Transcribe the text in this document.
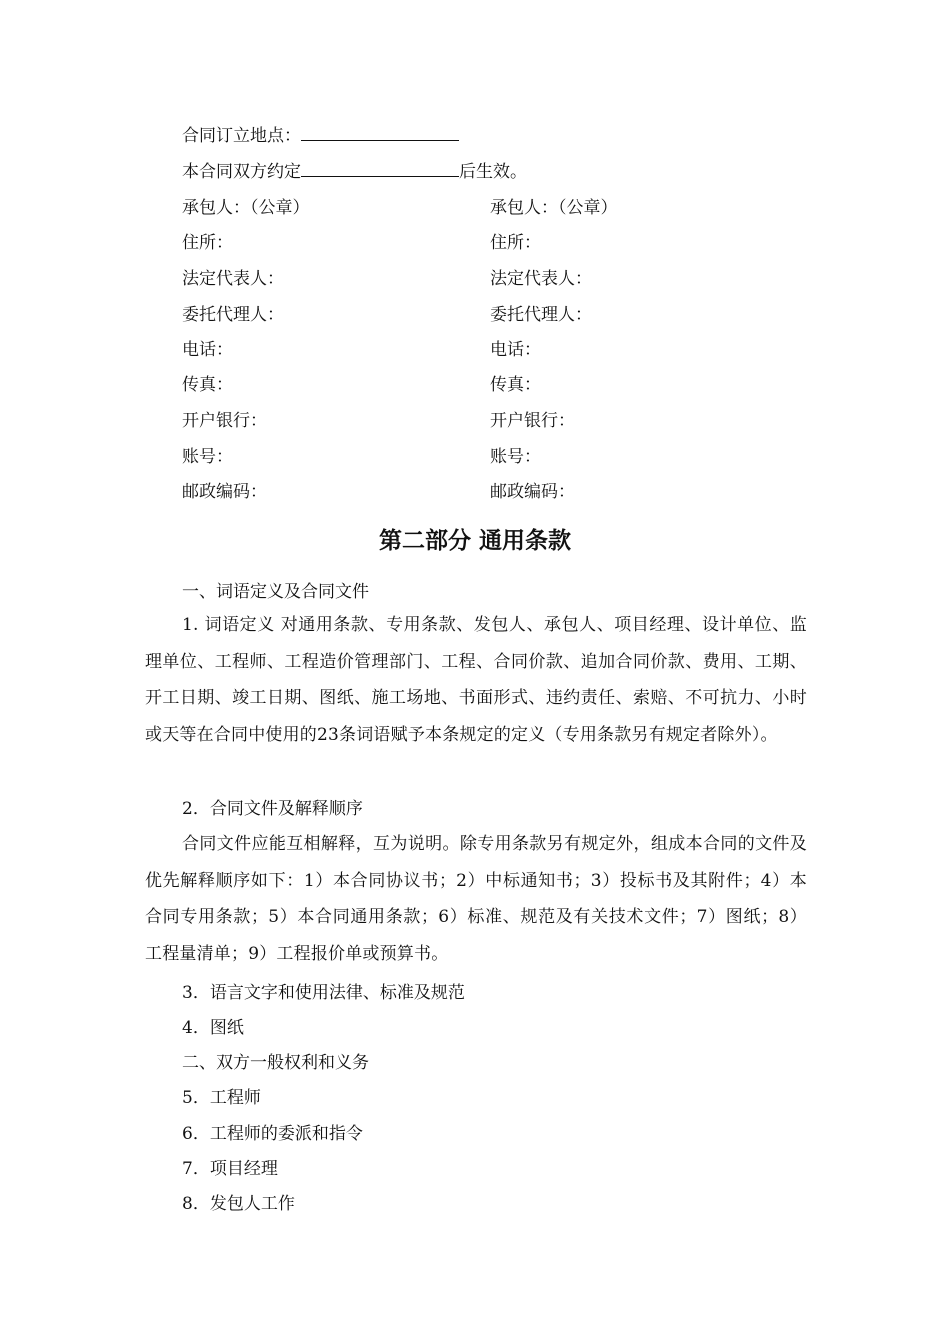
合同订立地点：
本合同双方约定	后生效。
承包人：（公章）	承包人：（公章）
住所：	住所：
法定代表人：	法定代表人：
委托代理人：	委托代理人：
电话：	电话：
传真：	传真：
开户银行：	开户银行：
账号：	账号：
邮政编码：	邮政编码：
第二部分 通用条款
一、词语定义及合同文件
1. 词语定义 对通用条款、专用条款、发包人、承包人、项目经理、设计单位、监理单位、工程师、工程造价管理部门、工程、合同价款、追加合同价款、费用、工期、开工日期、竣工日期、图纸、施工场地、书面形式、违约责任、索赔、不可抗力、小时或天等在合同中使用的23条词语赋予本条规定的定义（专用条款另有规定者除外）。
2．合同文件及解释顺序
合同文件应能互相解释，互为说明。除专用条款另有规定外，组成本合同的文件及优先解释顺序如下：1）本合同协议书；2）中标通知书；3）投标书及其附件；4）本合同专用条款；5）本合同通用条款；6）标准、规范及有关技术文件；7）图纸；8）工程量清单；9）工程报价单或预算书。
3．语言文字和使用法律、标准及规范
4．图纸
二、双方一般权利和义务
5．工程师
6．工程师的委派和指令
7．项目经理
8．发包人工作
